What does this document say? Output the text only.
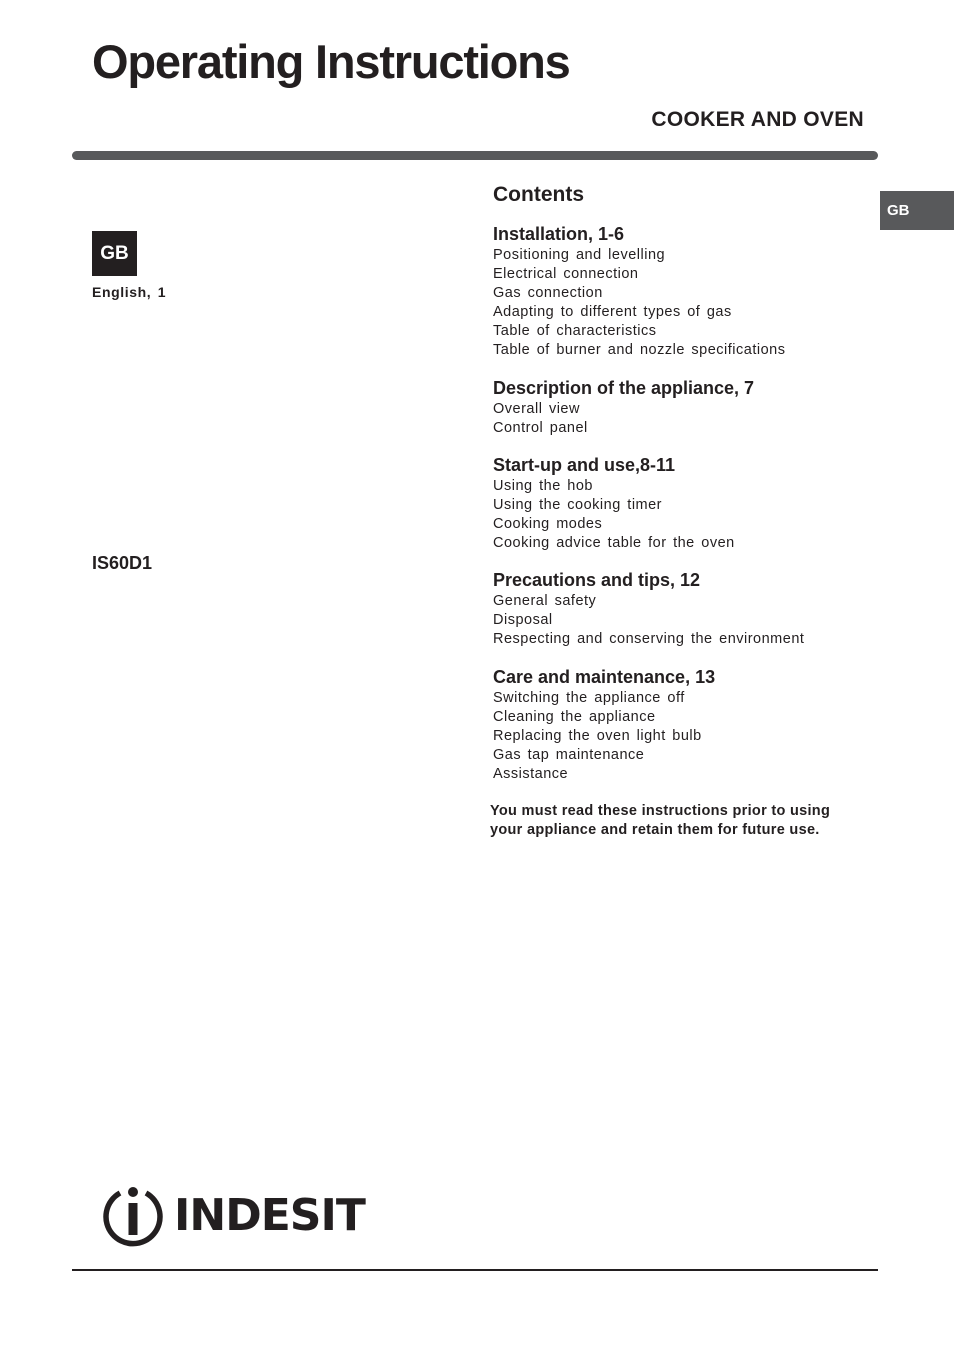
Operating Instructions
COOKER AND OVEN
GB
GB
English, 1
IS60D1
Contents
Installation, 1-6
Positioning and levelling
Electrical connection
Gas connection
Adapting to different types of gas
Table of characteristics
Table of burner and nozzle specifications
Description of the appliance, 7
Overall view
Control panel
Start-up and use,8-11
Using the hob
Using the cooking timer
Cooking modes
Cooking advice table for the oven
Precautions and tips, 12
General safety
Disposal
Respecting and conserving the environment
Care and maintenance, 13
Switching the appliance off
Cleaning the appliance
Replacing the oven light bulb
Gas tap maintenance
Assistance
You must read these instructions prior to using
your appliance and retain them for future use.
INDESIT
